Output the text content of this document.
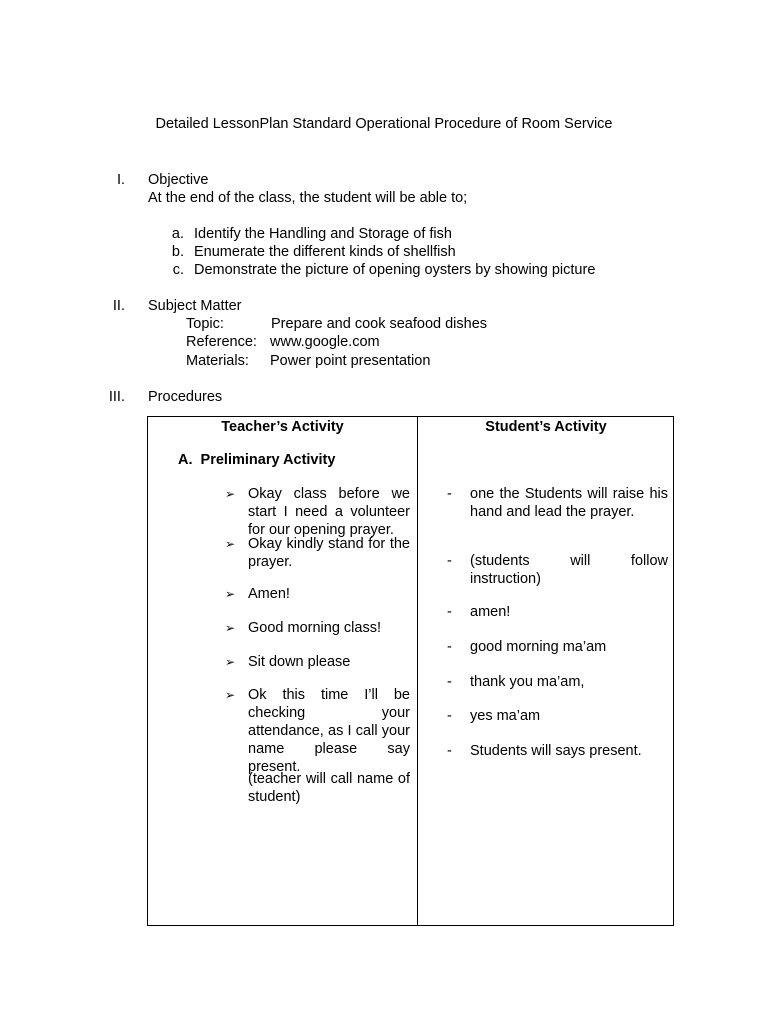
Detailed LessonPlan Standard Operational Procedure of Room Service
I. Objective
At the end of the class, the student will be able to;
a. Identify the Handling and Storage of fish
b. Enumerate the different kinds of shellfish
c. Demonstrate the picture of opening oysters by showing picture
II. Subject Matter
Topic:	Prepare and cook seafood dishes
Reference: www.google.com
Materials: Power point presentation
III. Procedures
Teacher’s Activity	Student’s Activity
A.  Preliminary Activity
➢ Okay class before we start I need a volunteer for our opening prayer.
➢ Okay kindly stand for the prayer.
➢ Amen!
➢ Good morning class!
➢ Sit down please
➢ Ok this time I’ll be checking your attendance, as I call your name please say present.
(teacher will call name of student)
- one the Students will raise his hand and lead the prayer.
- (students will follow instruction)
- amen!
- good morning ma’am
- thank you ma’am,
- yes ma’am
- Students will says present.
